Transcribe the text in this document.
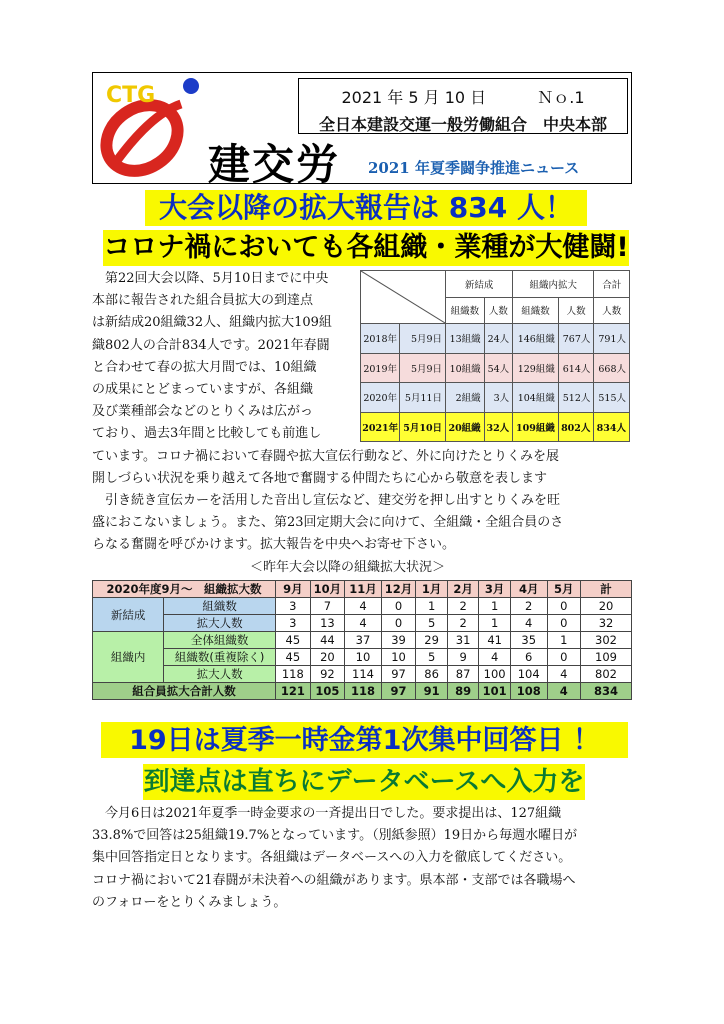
CTG
建交労 2021 年夏季闘争推進ニュース
2021 年 5 月 10 日	Ｎｏ.1
全日本建設交運一般労働組合　中央本部
大会以降の拡大報告は 834 人！
コロナ禍においても各組織・業種が大健闘!
第22回大会以降、5月10日までに中央
本部に報告された組合員拡大の到達点
は新結成20組織32人、組織内拡大109組
織802人の合計834人です。2021年春闘
と合わせて春の拡大月間では、10組織
の成果にとどまっていますが、各組織
及び業種部会などのとりくみは広がっ
ており、過去3年間と比較しても前進し
	新結成		組織内拡大		合計
		組織数	人数	組織数	人数	人数
2018年	5月9日	13組織	24人	146組織	767人	791人
2019年	5月9日	10組織	54人	129組織	614人	668人
2020年	5月11日	2組織	3人	104組織	512人	515人
2021年	5月10日	20組織	32人	109組織	802人	834人
ています。コロナ禍において春闘や拡大宣伝行動など、外に向けたとりくみを展
開しづらい状況を乗り越えて各地で奮闘する仲間たちに心から敬意を表します
引き続き宣伝カーを活用した音出し宣伝など、建交労を押し出すとりくみを旺
盛におこないましょう。また、第23回定期大会に向けて、全組織・全組合員のさ
らなる奮闘を呼びかけます。拡大報告を中央へお寄せ下さい。
＜昨年大会以降の組織拡大状況＞
2020年度9月～　組織拡大数		9月	10月	11月	12月	1月	2月	3月	4月	5月	計
新結成	組織数	3	7	4	0	1	2	1	2	0	20
	拡大人数	3	13	4	0	5	2	1	4	0	32
組織内	全体組織数	45	44	37	39	29	31	41	35	1	302
	組織数(重複除く)	45	20	10	10	5	9	4	6	0	109
	拡大人数	118	92	114	97	86	87	100	104	4	802
組合員拡大合計人数		121	105	118	97	91	89	101	108	4	834
19日は夏季一時金第1次集中回答日 ！
到達点は直ちにデータベースへ入力を
今月6日は2021年夏季一時金要求の一斉提出日でした。要求提出は、127組織
33.8%で回答は25組織19.7%となっています。（別紙参照）19日から毎週水曜日が
集中回答指定日となります。各組織はデータベースへの入力を徹底してください。
コロナ禍において21春闘が未決着への組織があります。県本部・支部では各職場へ
のフォローをとりくみましょう。
